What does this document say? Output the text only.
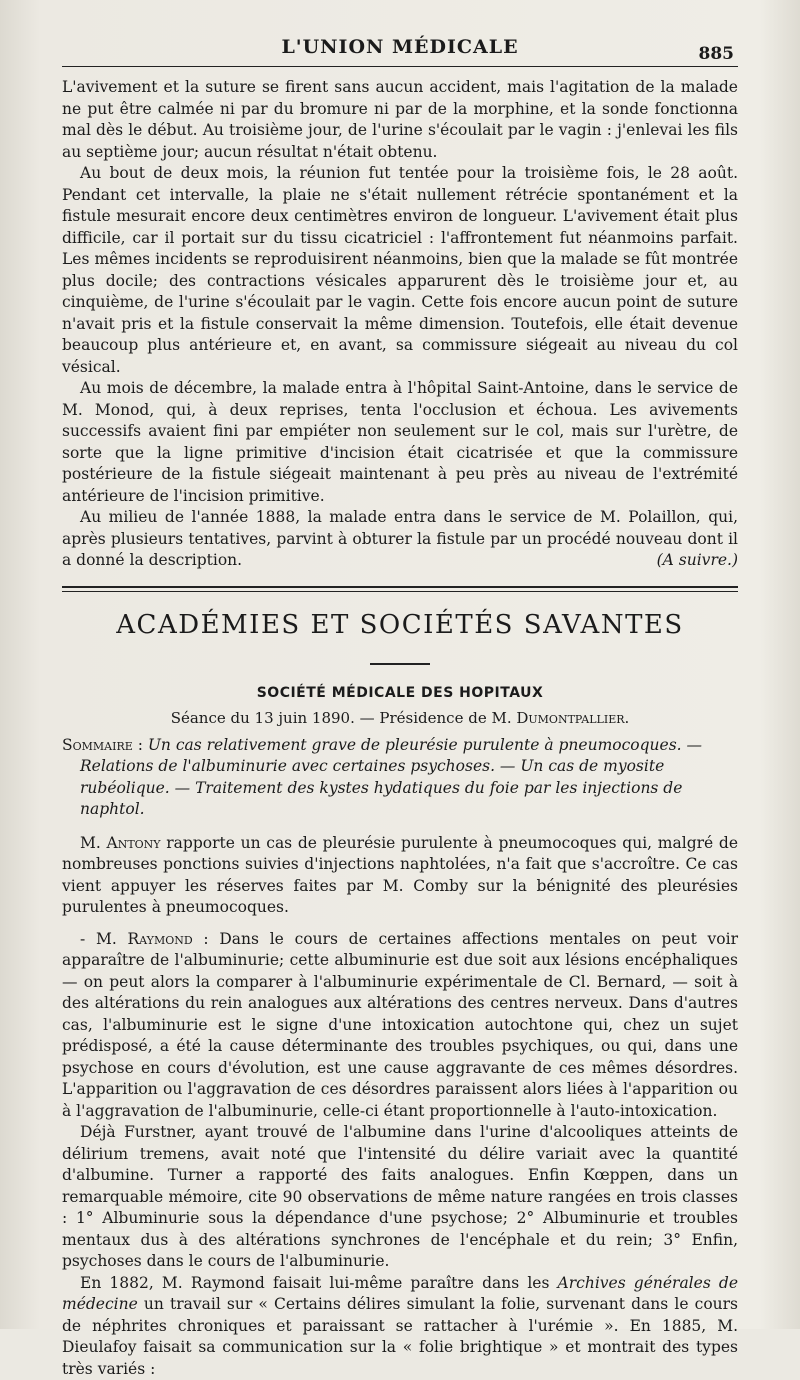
L'UNION MÉDICALE	885

L'avivement et la suture se firent sans aucun accident, mais l'agitation de la malade ne put être calmée ni par du bromure ni par de la morphine, et la sonde fonctionna mal dès le début. Au troisième jour, de l'urine s'écoulait par le vagin : j'enlevai les fils au septième jour; aucun résultat n'était obtenu.

Au bout de deux mois, la réunion fut tentée pour la troisième fois, le 28 août. Pendant cet intervalle, la plaie ne s'était nullement rétrécie spontanément et la fistule mesurait encore deux centimètres environ de longueur. L'avivement était plus difficile, car il portait sur du tissu cicatriciel : l'affrontement fut néanmoins parfait. Les mêmes incidents se reproduisirent néanmoins, bien que la malade se fût montrée plus docile; des contractions vésicales apparurent dès le troisième jour et, au cinquième, de l'urine s'écoulait par le vagin. Cette fois encore aucun point de suture n'avait pris et la fistule conservait la même dimension. Toutefois, elle était devenue beaucoup plus antérieure et, en avant, sa commissure siégeait au niveau du col vésical.

Au mois de décembre, la malade entra à l'hôpital Saint-Antoine, dans le service de M. Monod, qui, à deux reprises, tenta l'occlusion et échoua. Les avivements successifs avaient fini par empiéter non seulement sur le col, mais sur l'urètre, de sorte que la ligne primitive d'incision était cicatrisée et que la commissure postérieure de la fistule siégeait maintenant à peu près au niveau de l'extrémité antérieure de l'incision primitive.

Au milieu de l'année 1888, la malade entra dans le service de M. Polaillon, qui, après plusieurs tentatives, parvint à obturer la fistule par un procédé nouveau dont il a donné la description.	(A suivre.)

ACADÉMIES ET SOCIÉTÉS SAVANTES
SOCIÉTÉ MÉDICALE DES HOPITAUX
Séance du 13 juin 1890. — Présidence de M. Dumontpallier.
Sommaire : Un cas relativement grave de pleurésie purulente à pneumocoques. — Relations de l'albuminurie avec certaines psychoses. — Un cas de myosite rubéolique. — Traitement des kystes hydatiques du foie par les injections de naphtol.

M. Antony rapporte un cas de pleurésie purulente à pneumocoques qui, malgré de nombreuses ponctions suivies d'injections naphtolées, n'a fait que s'accroître. Ce cas vient appuyer les réserves faites par M. Comby sur la bénignité des pleurésies purulentes à pneumocoques.

- M. Raymond : Dans le cours de certaines affections mentales on peut voir apparaître de l'albuminurie; cette albuminurie est due soit aux lésions encéphaliques — on peut alors la comparer à l'albuminurie expérimentale de Cl. Bernard, — soit à des altérations du rein analogues aux altérations des centres nerveux. Dans d'autres cas, l'albuminurie est le signe d'une intoxication autochtone qui, chez un sujet prédisposé, a été la cause déterminante des troubles psychiques, ou qui, dans une psychose en cours d'évolution, est une cause aggravante de ces mêmes désordres. L'apparition ou l'aggravation de ces désordres paraissent alors liées à l'apparition ou à l'aggravation de l'albuminurie, celle-ci étant proportionnelle à l'auto-intoxication.

Déjà Furstner, ayant trouvé de l'albumine dans l'urine d'alcooliques atteints de délirium tremens, avait noté que l'intensité du délire variait avec la quantité d'albumine. Turner a rapporté des faits analogues. Enfin Kœppen, dans un remarquable mémoire, cite 90 observations de même nature rangées en trois classes : 1° Albuminurie sous la dépendance d'une psychose; 2° Albuminurie et troubles mentaux dus à des altérations synchrones de l'encéphale et du rein; 3° Enfin, psychoses dans le cours de l'albuminurie.

En 1882, M. Raymond faisait lui-même paraître dans les Archives générales de médecine un travail sur « Certains délires simulant la folie, survenant dans le cours de néphrites chroniques et paraissant se rattacher à l'urémie ». En 1885, M. Dieulafoy faisait sa communication sur la « folie brightique » et montrait des types très variés :
